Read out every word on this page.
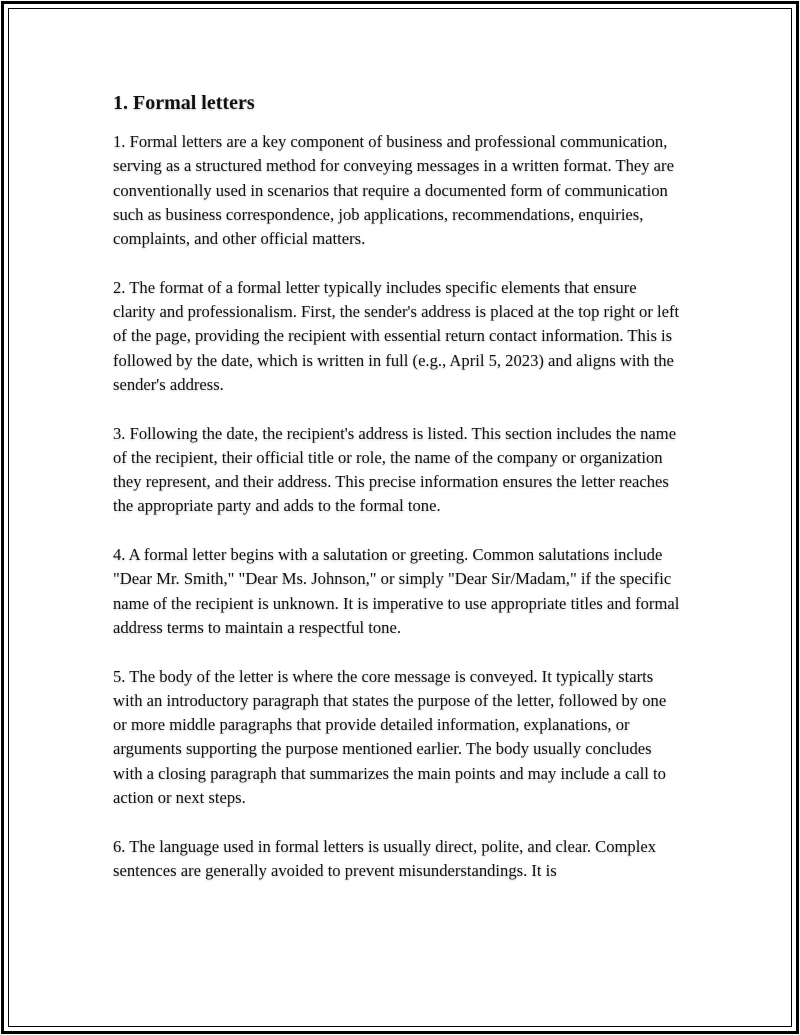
1. Formal letters

1. Formal letters are a key component of business and professional communication, serving as a structured method for conveying messages in a written format. They are conventionally used in scenarios that require a documented form of communication such as business correspondence, job applications, recommendations, enquiries, complaints, and other official matters.

2. The format of a formal letter typically includes specific elements that ensure clarity and professionalism. First, the sender's address is placed at the top right or left of the page, providing the recipient with essential return contact information. This is followed by the date, which is written in full (e.g., April 5, 2023) and aligns with the sender's address.

3. Following the date, the recipient's address is listed. This section includes the name of the recipient, their official title or role, the name of the company or organization they represent, and their address. This precise information ensures the letter reaches the appropriate party and adds to the formal tone.

4. A formal letter begins with a salutation or greeting. Common salutations include "Dear Mr. Smith," "Dear Ms. Johnson," or simply "Dear Sir/Madam," if the specific name of the recipient is unknown. It is imperative to use appropriate titles and formal address terms to maintain a respectful tone.

5. The body of the letter is where the core message is conveyed. It typically starts with an introductory paragraph that states the purpose of the letter, followed by one or more middle paragraphs that provide detailed information, explanations, or arguments supporting the purpose mentioned earlier. The body usually concludes with a closing paragraph that summarizes the main points and may include a call to action or next steps.

6. The language used in formal letters is usually direct, polite, and clear. Complex sentences are generally avoided to prevent misunderstandings. It is
